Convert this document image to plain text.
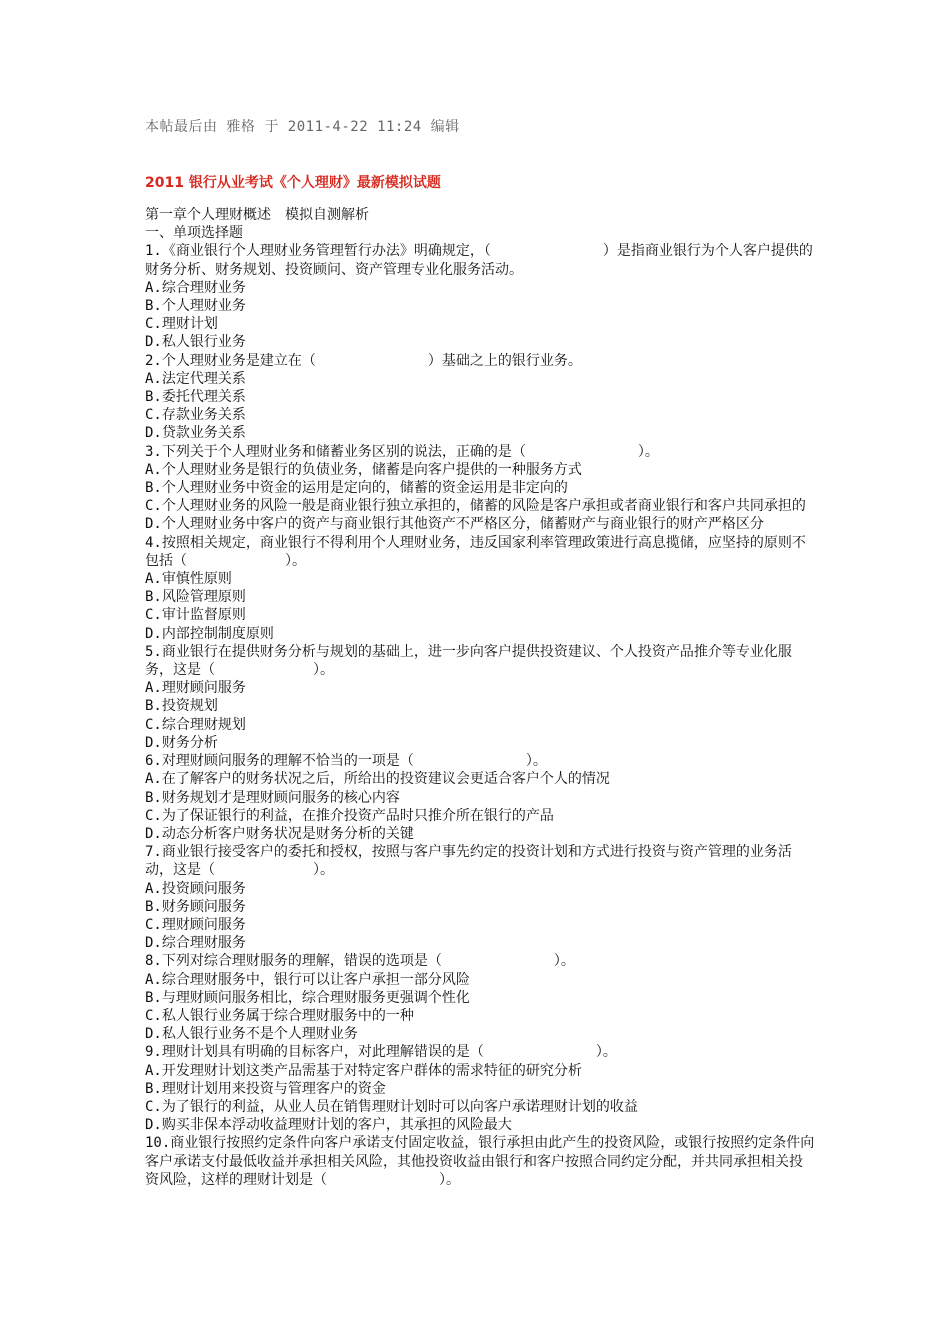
本帖最后由 雅格 于 2011-4-22 11:24 编辑
2011 银行从业考试《个人理财》最新模拟试题
第一章个人理财概述　模拟自测解析
一、单项选择题
1.《商业银行个人理财业务管理暂行办法》明确规定，（　　　　　　　　）是指商业银行为个人客户提供的财务分析、财务规划、投资顾问、资产管理专业化服务活动。
A.综合理财业务
B.个人理财业务
C.理财计划
D.私人银行业务
2.个人理财业务是建立在（　　　　　　　　）基础之上的银行业务。
A.法定代理关系
B.委托代理关系
C.存款业务关系
D.贷款业务关系
3.下列关于个人理财业务和储蓄业务区别的说法，正确的是（　　　　　　　　）。
A.个人理财业务是银行的负债业务，储蓄是向客户提供的一种服务方式
B.个人理财业务中资金的运用是定向的，储蓄的资金运用是非定向的
C.个人理财业务的风险一般是商业银行独立承担的，储蓄的风险是客户承担或者商业银行和客户共同承担的
D.个人理财业务中客户的资产与商业银行其他资产不严格区分，储蓄财产与商业银行的财产严格区分
4.按照相关规定，商业银行不得利用个人理财业务，违反国家利率管理政策进行高息揽储，应坚持的原则不包括（　　　　　　　）。
A.审慎性原则
B.风险管理原则
C.审计监督原则
D.内部控制制度原则
5.商业银行在提供财务分析与规划的基础上，进一步向客户提供投资建议、个人投资产品推介等专业化服务，这是（　　　　　　　）。
A.理财顾问服务
B.投资规划
C.综合理财规划
D.财务分析
6.对理财顾问服务的理解不恰当的一项是（　　　　　　　　）。
A.在了解客户的财务状况之后，所给出的投资建议会更适合客户个人的情况
B.财务规划才是理财顾问服务的核心内容
C.为了保证银行的利益，在推介投资产品时只推介所在银行的产品
D.动态分析客户财务状况是财务分析的关键
7.商业银行接受客户的委托和授权，按照与客户事先约定的投资计划和方式进行投资与资产管理的业务活动，这是（　　　　　　　）。
A.投资顾问服务
B.财务顾问服务
C.理财顾问服务
D.综合理财服务
8.下列对综合理财服务的理解，错误的选项是（　　　　　　　　）。
A.综合理财服务中，银行可以让客户承担一部分风险
B.与理财顾问服务相比，综合理财服务更强调个性化
C.私人银行业务属于综合理财服务中的一种
D.私人银行业务不是个人理财业务
9.理财计划具有明确的目标客户，对此理解错误的是（　　　　　　　　）。
A.开发理财计划这类产品需基于对特定客户群体的需求特征的研究分析
B.理财计划用来投资与管理客户的资金
C.为了银行的利益，从业人员在销售理财计划时可以向客户承诺理财计划的收益
D.购买非保本浮动收益理财计划的客户，其承担的风险最大
10.商业银行按照约定条件向客户承诺支付固定收益，银行承担由此产生的投资风险，或银行按照约定条件向客户承诺支付最低收益并承担相关风险，其他投资收益由银行和客户按照合同约定分配，并共同承担相关投资风险，这样的理财计划是（　　　　　　　　）。
